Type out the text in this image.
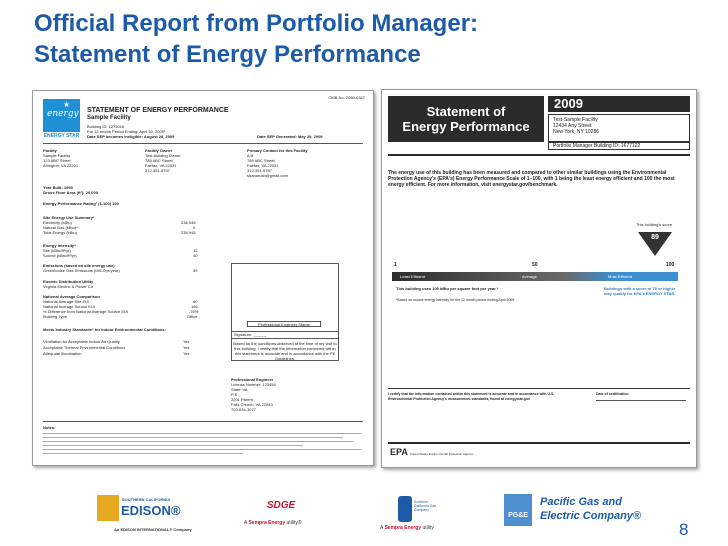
Official Report from Portfolio Manager:
Statement of Energy Performance
OMB No. 2060-0347
★
energy
ENERGY STAR
STATEMENT OF ENERGY PERFORMANCE
Sample Facility
Building ID: 1275018
For 12-month Period Ending: April 30, 2009¹
Date SEP becomes ineligible: August 28, 2009	Date SEP Generated: May 29, 2009
Facility
Sample Facility
123 ABC Street
Arlington, VA 22201
Facility Owner
Test Building Owner
789 ABC Street
Fairfax, VA 22031
312-351-5787
Primary Contact for this Facility
A B
789 ABC Street
Fairfax, VA 22031
312-351-5787
shanarush@gmail.com
Year Built: 1950
Gross Floor Area (ft²): 20,000
Energy Performance Rating² (1-100) 100
Site Energy Use Summary³
Electricity (kBtu)	238,945
Natural Gas (kBtu)⁴	0
Total Energy (kBtu)	238,945
Energy Intensity⁵
Site (kBtu/ft²/yr)	12
Source (kBtu/ft²/yr)	40
Emissions (based on site energy use)
Greenhouse Gas Emissions (MtCO₂e/year)	39
Electric Distribution Utility
Virginia Electric & Power Co
National Average Comparison
National Average Site EUI	60
National Average Source EUI	166
% Difference from National Average Source EUI	-76%
Building Type	Office
Meets Industry Standards⁶ for Indoor Environmental Conditions:
Ventilation for Acceptable Indoor Air Quality	Yes
Acceptable Thermal Environmental Conditions	Yes
Adequate Illumination	Yes
Professional Engineer Stamp
Signature: ______
Based on the conditions observed at the time of my visit to this building, I certify that the information contained within this statement is accurate and in accordance with the PE Guidelines.
Professional Engineer
License Number: 123456
State: VA
P E
2201 Parent
Falls Church, VA 22043
703-634-3077
Notes:
Statement of
Energy Performance
2009
Test-Sample Facility
12434 Any Street
New York, NY 10286
Portfolio Manager Building ID: 1677122
The energy use of this building has been measured and compared to other similar buildings using the Environmental Protection Agency's (EPA's) Energy Performance Scale of 1–100, with 1 being the least energy efficient and 100 the most energy efficient. For more information, visit energystar.gov/benchmark.
This building's score
89
1	50	100
Least Efficient	Average	Most Efficient
This building uses 105 kBtu per square foot per year.*
*Based on source energy intensity for the 12 month period ending April 2009
Buildings with a score of 75 or higher may qualify for EPA's ENERGY STAR.
I certify that the information contained within this statement is accurate and in accordance with U.S. Environmental Protection Agency's measurement standards, found at energystar.gov
Date of certification
EPA United States Environmental Protection Agency
SOUTHERN CALIFORNIA
EDISON®
An EDISON INTERNATIONAL® Company
SDGE
A Sempra Energy utility®
Southern California Gas Company
A Sempra Energy utility
PG&E
Pacific Gas and
Electric Company®
8
